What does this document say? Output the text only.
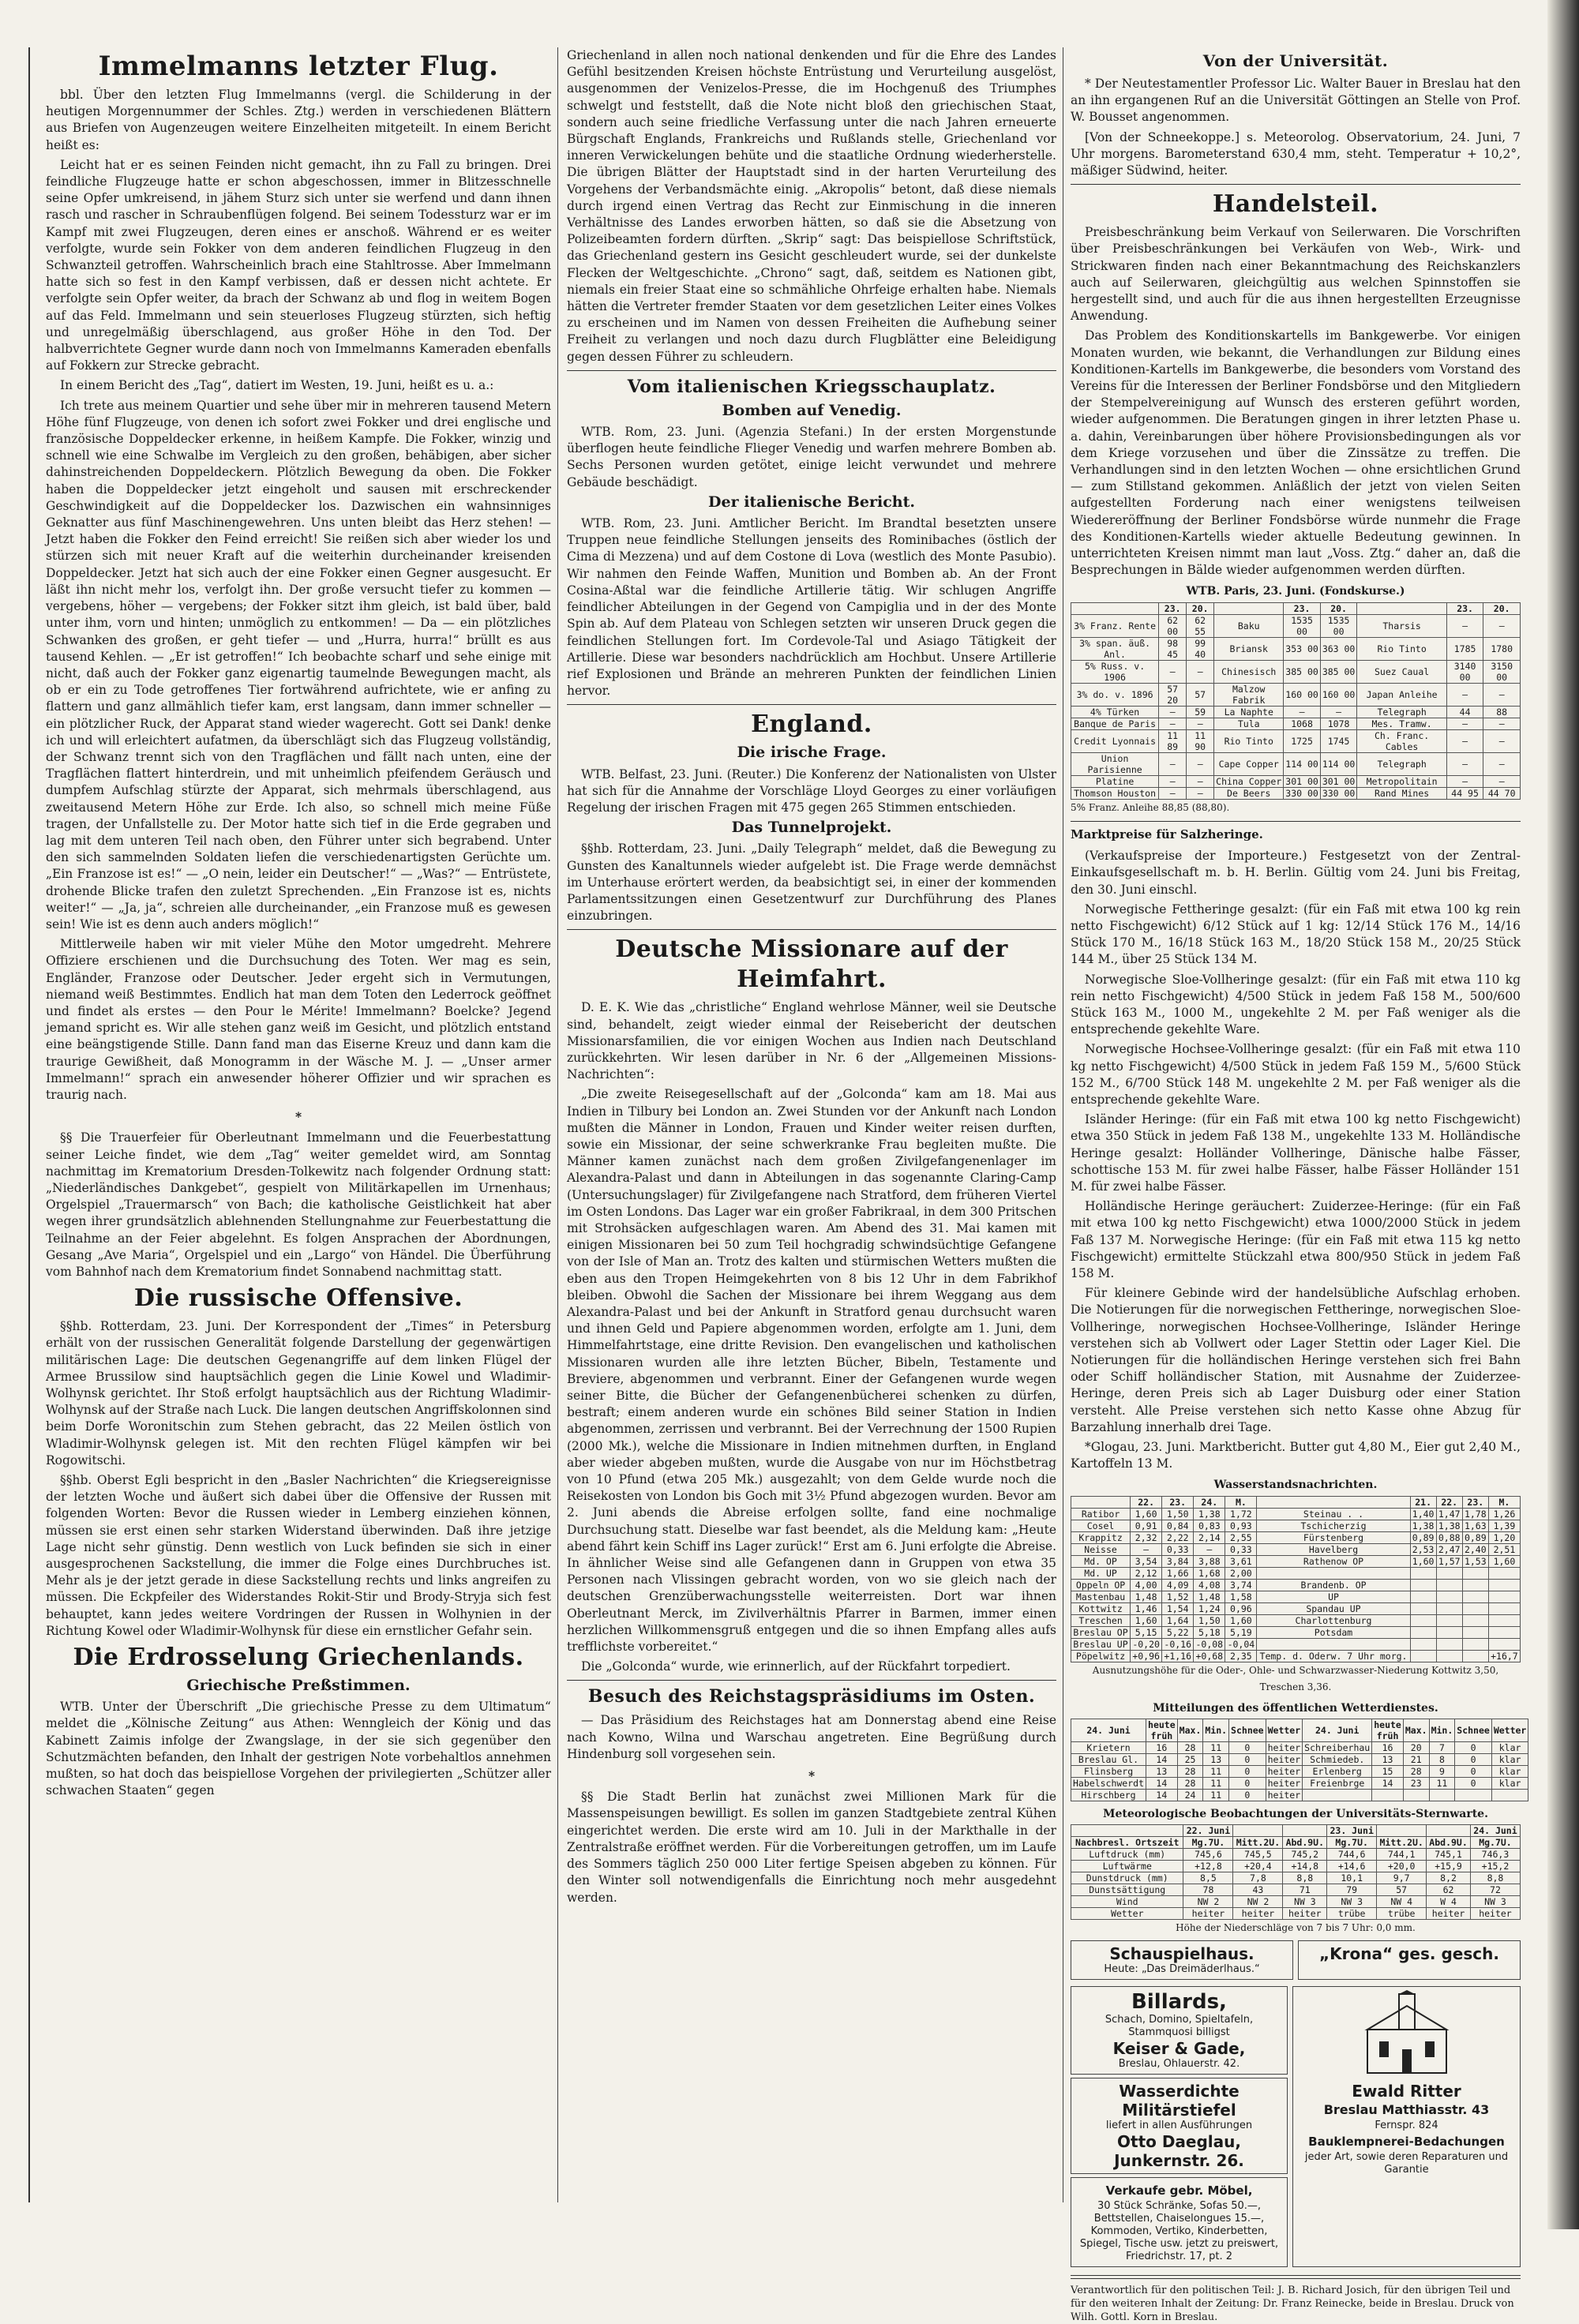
Immelmanns letzter Flug.

bbl. Über den letzten Flug Immelmanns (vergl. die Schilderung in der heutigen Morgennummer der Schles. Ztg.) werden in verschiedenen Blättern aus Briefen von Augenzeugen weitere Einzelheiten mitgeteilt. In einem Bericht heißt es:

Leicht hat er es seinen Feinden nicht gemacht, ihn zu Fall zu bringen. Drei feindliche Flugzeuge hatte er schon abgeschossen, immer in Blitzesschnelle seine Opfer umkreisend, in jähem Sturz sich unter sie werfend und dann ihnen rasch und rascher in Schraubenflügen folgend. Bei seinem Todessturz war er im Kampf mit zwei Flugzeugen, deren eines er anschoß. Während er es weiter verfolgte, wurde sein Fokker von dem anderen feindlichen Flugzeug in den Schwanzteil getroffen. Wahrscheinlich brach eine Stahltrosse. Aber Immelmann hatte sich so fest in den Kampf verbissen, daß er dessen nicht achtete. Er verfolgte sein Opfer weiter, da brach der Schwanz ab und flog in weitem Bogen auf das Feld. Immelmann und sein steuerloses Flugzeug stürzten, sich heftig und unregelmäßig überschlagend, aus großer Höhe in den Tod. Der halbverrichtete Gegner wurde dann noch von Immelmanns Kameraden ebenfalls auf Fokkern zur Strecke gebracht.

In einem Bericht des „Tag“, datiert im Westen, 19. Juni, heißt es u. a.:

Ich trete aus meinem Quartier und sehe über mir in mehreren tausend Metern Höhe fünf Flugzeuge, von denen ich sofort zwei Fokker und drei englische und französische Doppeldecker erkenne, in heißem Kampfe. Die Fokker, winzig und schnell wie eine Schwalbe im Vergleich zu den großen, behäbigen, aber sicher dahinstreichenden Doppeldeckern. Plötzlich Bewegung da oben. Die Fokker haben die Doppeldecker jetzt eingeholt und sausen mit erschreckender Geschwindigkeit auf die Doppeldecker los. Dazwischen ein wahnsinniges Geknatter aus fünf Maschinengewehren. Uns unten bleibt das Herz stehen! — Jetzt haben die Fokker den Feind erreicht! Sie reißen sich aber wieder los und stürzen sich mit neuer Kraft auf die weiterhin durcheinander kreisenden Doppeldecker. Jetzt hat sich auch der eine Fokker einen Gegner ausgesucht. Er läßt ihn nicht mehr los, verfolgt ihn. Der große versucht tiefer zu kommen — vergebens, höher — vergebens; der Fokker sitzt ihm gleich, ist bald über, bald unter ihm, vorn und hinten; unmöglich zu entkommen! — Da — ein plötzliches Schwanken des großen, er geht tiefer — und „Hurra, hurra!“ brüllt es aus tausend Kehlen. — „Er ist getroffen!“ Ich beobachte scharf und sehe einige mit nicht, daß auch der Fokker ganz eigenartig taumelnde Bewegungen macht, als ob er ein zu Tode getroffenes Tier fortwährend aufrichtete, wie er anfing zu flattern und ganz allmählich tiefer kam, erst langsam, dann immer schneller — ein plötzlicher Ruck, der Apparat stand wieder wagerecht. Gott sei Dank! denke ich und will erleichtert aufatmen, da überschlägt sich das Flugzeug vollständig, der Schwanz trennt sich von den Tragflächen und fällt nach unten, eine der Tragflächen flattert hinterdrein, und mit unheimlich pfeifendem Geräusch und dumpfem Aufschlag stürzte der Apparat, sich mehrmals überschlagend, aus zweitausend Metern Höhe zur Erde. Ich also, so schnell mich meine Füße tragen, der Unfallstelle zu. Der Motor hatte sich tief in die Erde gegraben und lag mit dem unteren Teil nach oben, den Führer unter sich begrabend. Unter den sich sammelnden Soldaten liefen die verschiedenartigsten Gerüchte um. „Ein Franzose ist es!“ — „O nein, leider ein Deutscher!“ — „Was?“ — Entrüstete, drohende Blicke trafen den zuletzt Sprechenden. „Ein Franzose ist es, nichts weiter!“ — „Ja, ja“, schreien alle durcheinander, „ein Franzose muß es gewesen sein! Wie ist es denn auch anders möglich!“

Mittlerweile haben wir mit vieler Mühe den Motor umgedreht. Mehrere Offiziere erschienen und die Durchsuchung des Toten. Wer mag es sein, Engländer, Franzose oder Deutscher. Jeder ergeht sich in Vermutungen, niemand weiß Bestimmtes. Endlich hat man dem Toten den Lederrock geöffnet und findet als erstes — den Pour le Mérite! Immelmann? Boelcke? Jegend jemand spricht es. Wir alle stehen ganz weiß im Gesicht, und plötzlich entstand eine beängstigende Stille. Dann fand man das Eiserne Kreuz und dann kam die traurige Gewißheit, daß Monogramm in der Wäsche M. J. — „Unser armer Immelmann!“ sprach ein anwesender höherer Offizier und wir sprachen es traurig nach.

*

§§ Die Trauerfeier für Oberleutnant Immelmann und die Feuerbestattung seiner Leiche findet, wie dem „Tag“ weiter gemeldet wird, am Sonntag nachmittag im Krematorium Dresden-Tolkewitz nach folgender Ordnung statt: „Niederländisches Dankgebet“, gespielt von Militärkapellen im Urnenhaus; Orgelspiel „Trauermarsch“ von Bach; die katholische Geistlichkeit hat aber wegen ihrer grundsätzlich ablehnenden Stellungnahme zur Feuerbestattung die Teilnahme an der Feier abgelehnt. Es folgen Ansprachen der Abordnungen, Gesang „Ave Maria“, Orgelspiel und ein „Largo“ von Händel. Die Überführung vom Bahnhof nach dem Krematorium findet Sonnabend nachmittag statt.

Die russische Offensive.

§§hb. Rotterdam, 23. Juni. Der Korrespondent der „Times“ in Petersburg erhält von der russischen Generalität folgende Darstellung der gegenwärtigen militärischen Lage: Die deutschen Gegenangriffe auf dem linken Flügel der Armee Brussilow sind hauptsächlich gegen die Linie Kowel und Wladimir-Wolhynsk gerichtet. Ihr Stoß erfolgt hauptsächlich aus der Richtung Wladimir-Wolhynsk auf der Straße nach Luck. Die langen deutschen Angriffskolonnen sind beim Dorfe Woronitschin zum Stehen gebracht, das 22 Meilen östlich von Wladimir-Wolhynsk gelegen ist. Mit den rechten Flügel kämpfen wir bei Rogowitschi.

§§hb. Oberst Egli bespricht in den „Basler Nachrichten“ die Kriegsereignisse der letzten Woche und äußert sich dabei über die Offensive der Russen mit folgenden Worten: Bevor die Russen wieder in Lemberg einziehen können, müssen sie erst einen sehr starken Widerstand überwinden. Daß ihre jetzige Lage nicht sehr günstig. Denn westlich von Luck befinden sie sich in einer ausgesprochenen Sackstellung, die immer die Folge eines Durchbruches ist. Mehr als je der jetzt gerade in diese Sackstellung rechts und links angreifen zu müssen. Die Eckpfeiler des Widerstandes Rokit-Stir und Brody-Stryja sich fest behauptet, kann jedes weitere Vordringen der Russen in Wolhynien in der Richtung Kowel oder Wladimir-Wolhynsk für diese ein ernstlicher Gefahr sein.

Die Erdrosselung Griechenlands.
Griechische Preßstimmen.

WTB. Unter der Überschrift „Die griechische Presse zu dem Ultimatum“ meldet die „Kölnische Zeitung“ aus Athen: Wenngleich der König und das Kabinett Zaimis infolge der Zwangslage, in der sie sich gegenüber den Schutzmächten befanden, den Inhalt der gestrigen Note vorbehaltlos annehmen mußten, so hat doch das beispiellose Vorgehen der privilegierten „Schützer aller schwachen Staaten“ gegen

Griechenland in allen noch national denkenden und für die Ehre des Landes Gefühl besitzenden Kreisen höchste Entrüstung und Verurteilung ausgelöst, ausgenommen der Venizelos-Presse, die im Hochgenuß des Triumphes schwelgt und feststellt, daß die Note nicht bloß den griechischen Staat, sondern auch seine friedliche Verfassung unter die nach Jahren erneuerte Bürgschaft Englands, Frankreichs und Rußlands stelle, Griechenland vor inneren Verwickelungen behüte und die staatliche Ordnung wiederherstelle. Die übrigen Blätter der Hauptstadt sind in der harten Verurteilung des Vorgehens der Verbandsmächte einig. „Akropolis“ betont, daß diese niemals durch irgend einen Vertrag das Recht zur Einmischung in die inneren Verhältnisse des Landes erworben hätten, so daß sie die Absetzung von Polizeibeamten fordern dürften. „Skrip“ sagt: Das beispiellose Schriftstück, das Griechenland gestern ins Gesicht geschleudert wurde, sei der dunkelste Flecken der Weltgeschichte. „Chrono“ sagt, daß, seitdem es Nationen gibt, niemals ein freier Staat eine so schmähliche Ohrfeige erhalten habe. Niemals hätten die Vertreter fremder Staaten vor dem gesetzlichen Leiter eines Volkes zu erscheinen und im Namen von dessen Freiheiten die Aufhebung seiner Freiheit zu verlangen und noch dazu durch Flugblätter eine Beleidigung gegen dessen Führer zu schleudern.

Vom italienischen Kriegsschauplatz.
Bomben auf Venedig.

WTB. Rom, 23. Juni. (Agenzia Stefani.) In der ersten Morgenstunde überflogen heute feindliche Flieger Venedig und warfen mehrere Bomben ab. Sechs Personen wurden getötet, einige leicht verwundet und mehrere Gebäude beschädigt.

Der italienische Bericht.

WTB. Rom, 23. Juni. Amtlicher Bericht. Im Brandtal besetzten unsere Truppen neue feindliche Stellungen jenseits des Rominibaches (östlich der Cima di Mezzena) und auf dem Costone di Lova (westlich des Monte Pasubio). Wir nahmen den Feinde Waffen, Munition und Bomben ab. An der Front Cosina-Aßtal war die feindliche Artillerie tätig. Wir schlugen Angriffe feindlicher Abteilungen in der Gegend von Campiglia und in der des Monte Spin ab. Auf dem Plateau von Schlegen setzten wir unseren Druck gegen die feindlichen Stellungen fort. Im Cordevole-Tal und Asiago Tätigkeit der Artillerie. Diese war besonders nachdrücklich am Hochbut. Unsere Artillerie rief Explosionen und Brände an mehreren Punkten der feindlichen Linien hervor.

England.
Die irische Frage.

WTB. Belfast, 23. Juni. (Reuter.) Die Konferenz der Nationalisten von Ulster hat sich für die Annahme der Vorschläge Lloyd Georges zu einer vorläufigen Regelung der irischen Fragen mit 475 gegen 265 Stimmen entschieden.

Das Tunnelprojekt.

§§hb. Rotterdam, 23. Juni. „Daily Telegraph“ meldet, daß die Bewegung zu Gunsten des Kanaltunnels wieder aufgelebt ist. Die Frage werde demnächst im Unterhause erörtert werden, da beabsichtigt sei, in einer der kommenden Parlamentssitzungen einen Gesetzentwurf zur Durchführung des Planes einzubringen.

Deutsche Missionare auf der Heimfahrt.

D. E. K. Wie das „christliche“ England wehrlose Männer, weil sie Deutsche sind, behandelt, zeigt wieder einmal der Reisebericht der deutschen Missionarsfamilien, die vor einigen Wochen aus Indien nach Deutschland zurückkehrten. Wir lesen darüber in Nr. 6 der „Allgemeinen Missions-Nachrichten“:

„Die zweite Reisegesellschaft auf der „Golconda“ kam am 18. Mai aus Indien in Tilbury bei London an. Zwei Stunden vor der Ankunft nach London mußten die Männer in London, Frauen und Kinder weiter reisen durften, sowie ein Missionar, der seine schwerkranke Frau begleiten mußte. Die Männer kamen zunächst nach dem großen Zivilgefangenenlager im Alexandra-Palast und dann in Abteilungen in das sogenannte Claring-Camp (Untersuchungslager) für Zivilgefangene nach Stratford, dem früheren Viertel im Osten Londons. Das Lager war ein großer Fabrikraal, in dem 300 Pritschen mit Strohsäcken aufgeschlagen waren. Am Abend des 31. Mai kamen mit einigen Missionaren bei 50 zum Teil hochgradig schwindsüchtige Gefangene von der Isle of Man an. Trotz des kalten und stürmischen Wetters mußten die eben aus den Tropen Heimgekehrten von 8 bis 12 Uhr in dem Fabrikhof bleiben. Obwohl die Sachen der Missionare bei ihrem Weggang aus dem Alexandra-Palast und bei der Ankunft in Stratford genau durchsucht waren und ihnen Geld und Papiere abgenommen worden, erfolgte am 1. Juni, dem Himmelfahrtstage, eine dritte Revision. Den evangelischen und katholischen Missionaren wurden alle ihre letzten Bücher, Bibeln, Testamente und Breviere, abgenommen und verbrannt. Einer der Gefangenen wurde wegen seiner Bitte, die Bücher der Gefangenenbücherei schenken zu dürfen, bestraft; einem anderen wurde ein schönes Bild seiner Station in Indien abgenommen, zerrissen und verbrannt. Bei der Verrechnung der 1500 Rupien (2000 Mk.), welche die Missionare in Indien mitnehmen durften, in England aber wieder abgeben mußten, wurde die Ausgabe von nur im Höchstbetrag von 10 Pfund (etwa 205 Mk.) ausgezahlt; von dem Gelde wurde noch die Reisekosten von London bis Goch mit 3½ Pfund abgezogen wurden. Bevor am 2. Juni abends die Abreise erfolgen sollte, fand eine nochmalige Durchsuchung statt. Dieselbe war fast beendet, als die Meldung kam: „Heute abend fährt kein Schiff ins Lager zurück!“ Erst am 6. Juni erfolgte die Abreise. In ähnlicher Weise sind alle Gefangenen dann in Gruppen von etwa 35 Personen nach Vlissingen gebracht worden, von wo sie gleich nach der deutschen Grenzüberwachungsstelle weiterreisten. Dort war ihnen Oberleutnant Merck, im Zivilverhältnis Pfarrer in Barmen, immer einen herzlichen Willkommensgruß entgegen und die so ihnen Empfang alles aufs trefflichste vorbereitet.“

Die „Golconda“ wurde, wie erinnerlich, auf der Rückfahrt torpediert.

Besuch des Reichstagspräsidiums im Osten.

— Das Präsidium des Reichstages hat am Donnerstag abend eine Reise nach Kowno, Wilna und Warschau angetreten. Eine Begrüßung durch Hindenburg soll vorgesehen sein.

*

§§ Die Stadt Berlin hat zunächst zwei Millionen Mark für die Massenspeisungen bewilligt. Es sollen im ganzen Stadtgebiete zentral Kühen eingerichtet werden. Die erste wird am 10. Juli in der Markthalle in der Zentralstraße eröffnet werden. Für die Vorbereitungen getroffen, um im Laufe des Sommers täglich 250 000 Liter fertige Speisen abgeben zu können. Für den Winter soll notwendigenfalls die Einrichtung noch mehr ausgedehnt werden.

Von der Universität.

* Der Neutestamentler Professor Lic. Walter Bauer in Breslau hat den an ihn ergangenen Ruf an die Universität Göttingen an Stelle von Prof. W. Bousset angenommen.

[Von der Schneekoppe.] s. Meteorolog. Observatorium, 24. Juni, 7 Uhr morgens. Barometerstand 630,4 mm, steht. Temperatur + 10,2°, mäßiger Südwind, heiter.

Handelsteil.

Preisbeschränkung beim Verkauf von Seilerwaren. Die Vorschriften über Preisbeschränkungen bei Verkäufen von Web-, Wirk- und Strickwaren finden nach einer Bekanntmachung des Reichskanzlers auch auf Seilerwaren, gleichgültig aus welchen Spinnstoffen sie hergestellt sind, und auch für die aus ihnen hergestellten Erzeugnisse Anwendung.

Das Problem des Konditionskartells im Bankgewerbe. Vor einigen Monaten wurden, wie bekannt, die Verhandlungen zur Bildung eines Konditionen-Kartells im Bankgewerbe, die besonders vom Vorstand des Vereins für die Interessen der Berliner Fondsbörse und den Mitgliedern der Stempelvereinigung auf Wunsch des ersteren geführt worden, wieder aufgenommen. Die Beratungen gingen in ihrer letzten Phase u. a. dahin, Vereinbarungen über höhere Provisionsbedingungen als vor dem Kriege vorzusehen und über die Zinssätze zu treffen. Die Verhandlungen sind in den letzten Wochen — ohne ersichtlichen Grund — zum Stillstand gekommen. Anläßlich der jetzt von vielen Seiten aufgestellten Forderung nach einer wenigstens teilweisen Wiedereröffnung der Berliner Fondsbörse würde nunmehr die Frage des Konditionen-Kartells wieder aktuelle Bedeutung gewinnen. In unterrichteten Kreisen nimmt man laut „Voss. Ztg.“ daher an, daß die Besprechungen in Bälde wieder aufgenommen werden dürften.

WTB. Paris, 23. Juni. (Fondskurse.)
	23.	20.		23.	20.		23.	20.
3% Franz. Rente	62 00	62 55	Baku	1535 00	1535 00	Tharsis	—	—
3% span. äuß. Anl.	98 45	99 40	Briansk	353 00	363 00	Rio Tinto	1785	1780
5% Russ. v. 1906	—	—	Chinesisch	385 00	385 00	Suez Caual	3140 00	3150 00
3% do. v. 1896	57 20	57	Malzow Fabrik	160 00	160 00	Japan Anleihe	—	—
4% Türken	—	59	La Naphte	—	—	Telegraph	44	88
Banque de Paris	—	—	Tula	1068	1078	Mes. Tramw.	—	—
Credit Lyonnais	11 89	11 90	Rio Tinto	1725	1745	Ch. Franc. Cables	—	—
Union Parisienne	—	—	Cape Copper	114 00	114 00	Telegraph	—	—
Platine	—	—	China Copper	301 00	301 00	Metropolitain	—	—
Thomson Houston	—	—	De Beers	330 00	330 00	Rand Mines	44 95	44 70
5% Franz. Anleihe 88,85 (88,80).
Marktpreise für Salzheringe.

(Verkaufspreise der Importeure.) Festgesetzt von der Zentral-Einkaufsgesellschaft m. b. H. Berlin. Gültig vom 24. Juni bis Freitag, den 30. Juni einschl.

Norwegische Fettheringe gesalzt: (für ein Faß mit etwa 100 kg rein netto Fischgewicht) 6/12 Stück auf 1 kg: 12/14 Stück 176 M., 14/16 Stück 170 M., 16/18 Stück 163 M., 18/20 Stück 158 M., 20/25 Stück 144 M., über 25 Stück 134 M.

Norwegische Sloe-Vollheringe gesalzt: (für ein Faß mit etwa 110 kg rein netto Fischgewicht) 4/500 Stück in jedem Faß 158 M., 500/600 Stück 163 M., 1000 M., ungekehlte 2 M. per Faß weniger als die entsprechende gekehlte Ware.

Norwegische Hochsee-Vollheringe gesalzt: (für ein Faß mit etwa 110 kg netto Fischgewicht) 4/500 Stück in jedem Faß 159 M., 5/600 Stück 152 M., 6/700 Stück 148 M. ungekehlte 2 M. per Faß weniger als die entsprechende gekehlte Ware.

Isländer Heringe: (für ein Faß mit etwa 100 kg netto Fischgewicht) etwa 350 Stück in jedem Faß 138 M., ungekehlte 133 M. Holländische Heringe gesalzt: Holländer Vollheringe, Dänische halbe Fässer, schottische 153 M. für zwei halbe Fässer, halbe Fässer Holländer 151 M. für zwei halbe Fässer.

Holländische Heringe geräuchert: Zuiderzee-Heringe: (für ein Faß mit etwa 100 kg netto Fischgewicht) etwa 1000/2000 Stück in jedem Faß 137 M. Norwegische Heringe: (für ein Faß mit etwa 115 kg netto Fischgewicht) ermittelte Stückzahl etwa 800/950 Stück in jedem Faß 158 M.

Für kleinere Gebinde wird der handelsübliche Aufschlag erhoben. Die Notierungen für die norwegischen Fettheringe, norwegischen Sloe-Vollheringe, norwegischen Hochsee-Vollheringe, Isländer Heringe verstehen sich ab Vollwert oder Lager Stettin oder Lager Kiel. Die Notierungen für die holländischen Heringe verstehen sich frei Bahn oder Schiff holländischer Station, mit Ausnahme der Zuiderzee-Heringe, deren Preis sich ab Lager Duisburg oder einer Station versteht. Alle Preise verstehen sich netto Kasse ohne Abzug für Barzahlung innerhalb drei Tage.

*Glogau, 23. Juni. Marktbericht. Butter gut 4,80 M., Eier gut 2,40 M., Kartoffeln 13 M.

Wasserstandsnachrichten.
	22.	23.	24.	M.		21.	22.	23.	M.
Ratibor	1,60	1,50	1,38	1,72	Steinau . .	1,40	1,47	1,78	1,26
Cosel	0,91	0,84	0,83	0,93	Tschicherzig	1,38	1,38	1,63	1,39
Krappitz	2,32	2,22	2,14	2,55	Fürstenberg	0,89	0,88	0,89	1,20
Neisse	—	0,33	—	0,33	Havelberg	2,53	2,47	2,40	2,51
Md. OP	3,54	3,84	3,88	3,61	Rathenow OP	1,60	1,57	1,53	1,60
Md. UP	2,12	1,66	1,68	2,00					
Oppeln OP	4,00	4,09	4,08	3,74	Brandenb. OP				
Mastenbau	1,48	1,52	1,48	1,58	UP				
Kottwitz	1,46	1,54	1,24	0,96	Spandau UP				
Treschen	1,60	1,64	1,50	1,60	Charlottenburg				
Breslau OP	5,15	5,22	5,18	5,19	Potsdam				
Breslau UP	-0,20	-0,16	-0,08	-0,04					
Pöpelwitz	+0,96	+1,16	+0,68	2,35	Temp. d. Oderw. 7 Uhr morg.				+16,7
Ausnutzungshöhe für die Oder-, Ohle- und Schwarzwasser-Niederung Kottwitz 3,50, Treschen 3,36.
Mitteilungen des öffentlichen Wetterdienstes.
24. Juni	heute früh	Max.	Min.	Schnee	Wetter	24. Juni	heute früh	Max.	Min.	Schnee	Wetter
Krietern	16	28	11	0	heiter	Schreiberhau	16	20	7	0	klar
Breslau Gl.	14	25	13	0	heiter	Schmiedeb.	13	21	8	0	klar
Flinsberg	13	28	11	0	heiter	Erlenberg	15	28	9	0	klar
Habelschwerdt	14	28	11	0	heiter	Freienbrge	14	23	11	0	klar
Hirschberg	14	24	11	0	heiter						
Meteorologische Beobachtungen der Universitäts-Sternwarte.
	22. Juni			23. Juni			24. Juni
Nachbresl. Ortszeit	Mg.7U.	Mitt.2U.	Abd.9U.	Mg.7U.	Mitt.2U.	Abd.9U.	Mg.7U.
Luftdruck (mm)	745,6	745,5	745,2	744,6	744,1	745,1	746,3
Luftwärme	+12,8	+20,4	+14,8	+14,6	+20,0	+15,9	+15,2
Dunstdruck (mm)	8,5	7,8	8,8	10,1	9,7	8,2	8,8
Dunstsättigung	78	43	71	79	57	62	72
Wind	NW 2	NW 2	NW 3	NW 3	NW 4	W 4	NW 3
Wetter	heiter	heiter	heiter	trübe	trübe	heiter	heiter
Höhe der Niederschläge von 7 bis 7 Uhr: 0,0 mm.
Schauspielhaus.
Heute: „Das Dreimäderlhaus.“
„Krona“ ges. gesch.
Billards,
Schach, Domino, Spieltafeln, Stammquosi billigst
Keiser & Gade,
Breslau, Ohlauerstr. 42.
Wasserdichte Militärstiefel
liefert in allen Ausführungen
Otto Daeglau, Junkernstr. 26.
Verkaufe gebr. Möbel,
30 Stück Schränke, Sofas 50.—, Bettstellen, Chaiselongues 15.—, Kommoden, Vertiko, Kinderbetten, Spiegel, Tische usw. jetzt zu preiswert, Friedrichstr. 17, pt. 2
Ewald Ritter
Breslau Matthiasstr. 43
Fernspr. 824
Bauklempnerei-Bedachungen
jeder Art, sowie deren Reparaturen und Garantie
Verantwortlich für den politischen Teil: J. B. Richard Josich, für den übrigen Teil und für den weiteren Inhalt der Zeitung: Dr. Franz Reinecke, beide in Breslau. Druck von Wilh. Gottl. Korn in Breslau.
